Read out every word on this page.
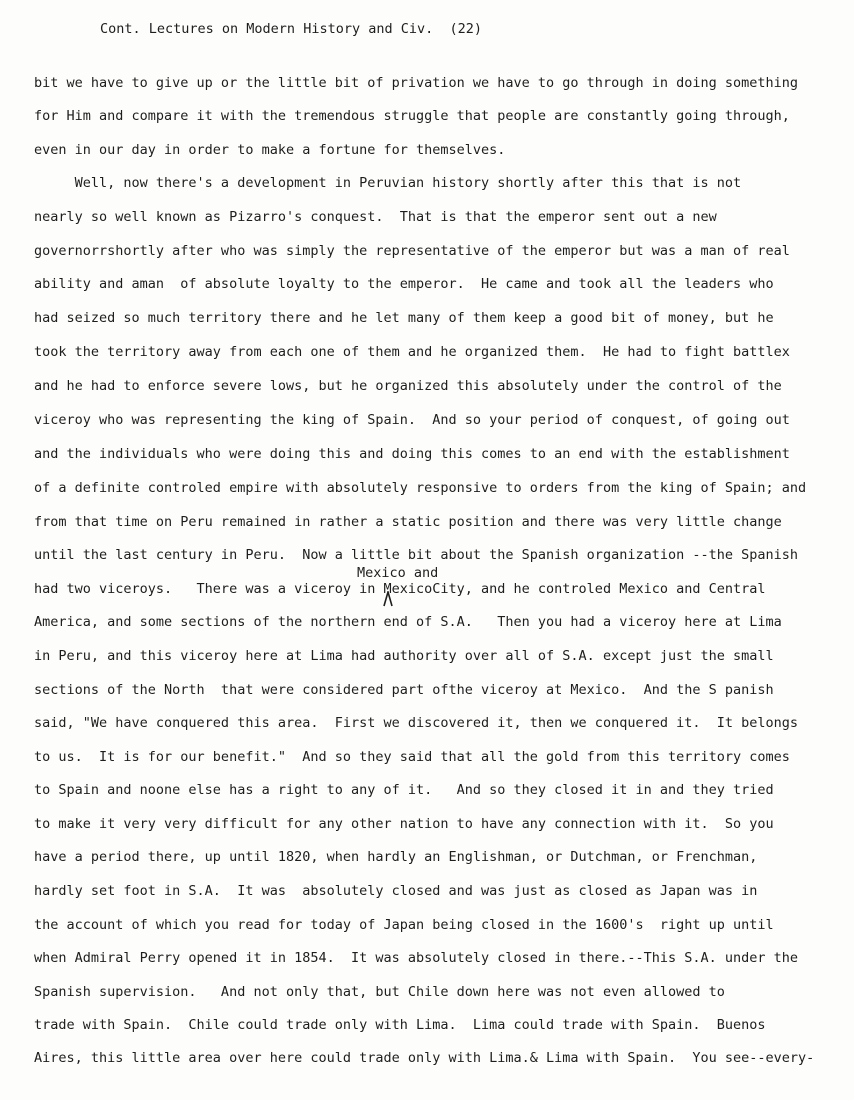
Cont. Lectures on Modern History and Civ.  (22)
bit we have to give up or the little bit of privation we have to go through in doing something
for Him and compare it with the tremendous struggle that people are constantly going through,
even in our day in order to make a fortune for themselves.
Well, now there's a development in Peruvian history shortly after this that is not
nearly so well known as Pizarro's conquest.  That is that the emperor sent out a new
governorrshortly after who was simply the representative of the emperor but was a man of real
ability and aman  of absolute loyalty to the emperor.  He came and took all the leaders who
had seized so much territory there and he let many of them keep a good bit of money, but he
took the territory away from each one of them and he organized them.  He had to fight battlex
and he had to enforce severe lows, but he organized this absolutely under the control of the
viceroy who was representing the king of Spain.  And so your period of conquest, of going out
and the individuals who were doing this and doing this comes to an end with the establishment
of a definite controled empire with absolutely responsive to orders from the king of Spain; and
from that time on Peru remained in rather a static position and there was very little change
until the last century in Peru.  Now a little bit about the Spanish organization --the Spanish
Mexico and
had two viceroys.   There was a viceroy in MexicoCity, and he controled Mexico and Central
America, and some sections of the northern end of S.A.   Then you had a viceroy here at Lima
in Peru, and this viceroy here at Lima had authority over all of S.A. except just the small
sections of the North  that were considered part ofthe viceroy at Mexico.  And the S panish
said, "We have conquered this area.  First we discovered it, then we conquered it.  It belongs
to us.  It is for our benefit."  And so they said that all the gold from this territory comes
to Spain and noone else has a right to any of it.   And so they closed it in and they tried
to make it very very difficult for any other nation to have any connection with it.  So you
have a period there, up until 1820, when hardly an Englishman, or Dutchman, or Frenchman,
hardly set foot in S.A.  It was  absolutely closed and was just as closed as Japan was in
the account of which you read for today of Japan being closed in the 1600's  right up until
when Admiral Perry opened it in 1854.  It was absolutely closed in there.--This S.A. under the
Spanish supervision.   And not only that, but Chile down here was not even allowed to
trade with Spain.  Chile could trade only with Lima.  Lima could trade with Spain.  Buenos
Aires, this little area over here could trade only with Lima.& Lima with Spain.  You see--every-
